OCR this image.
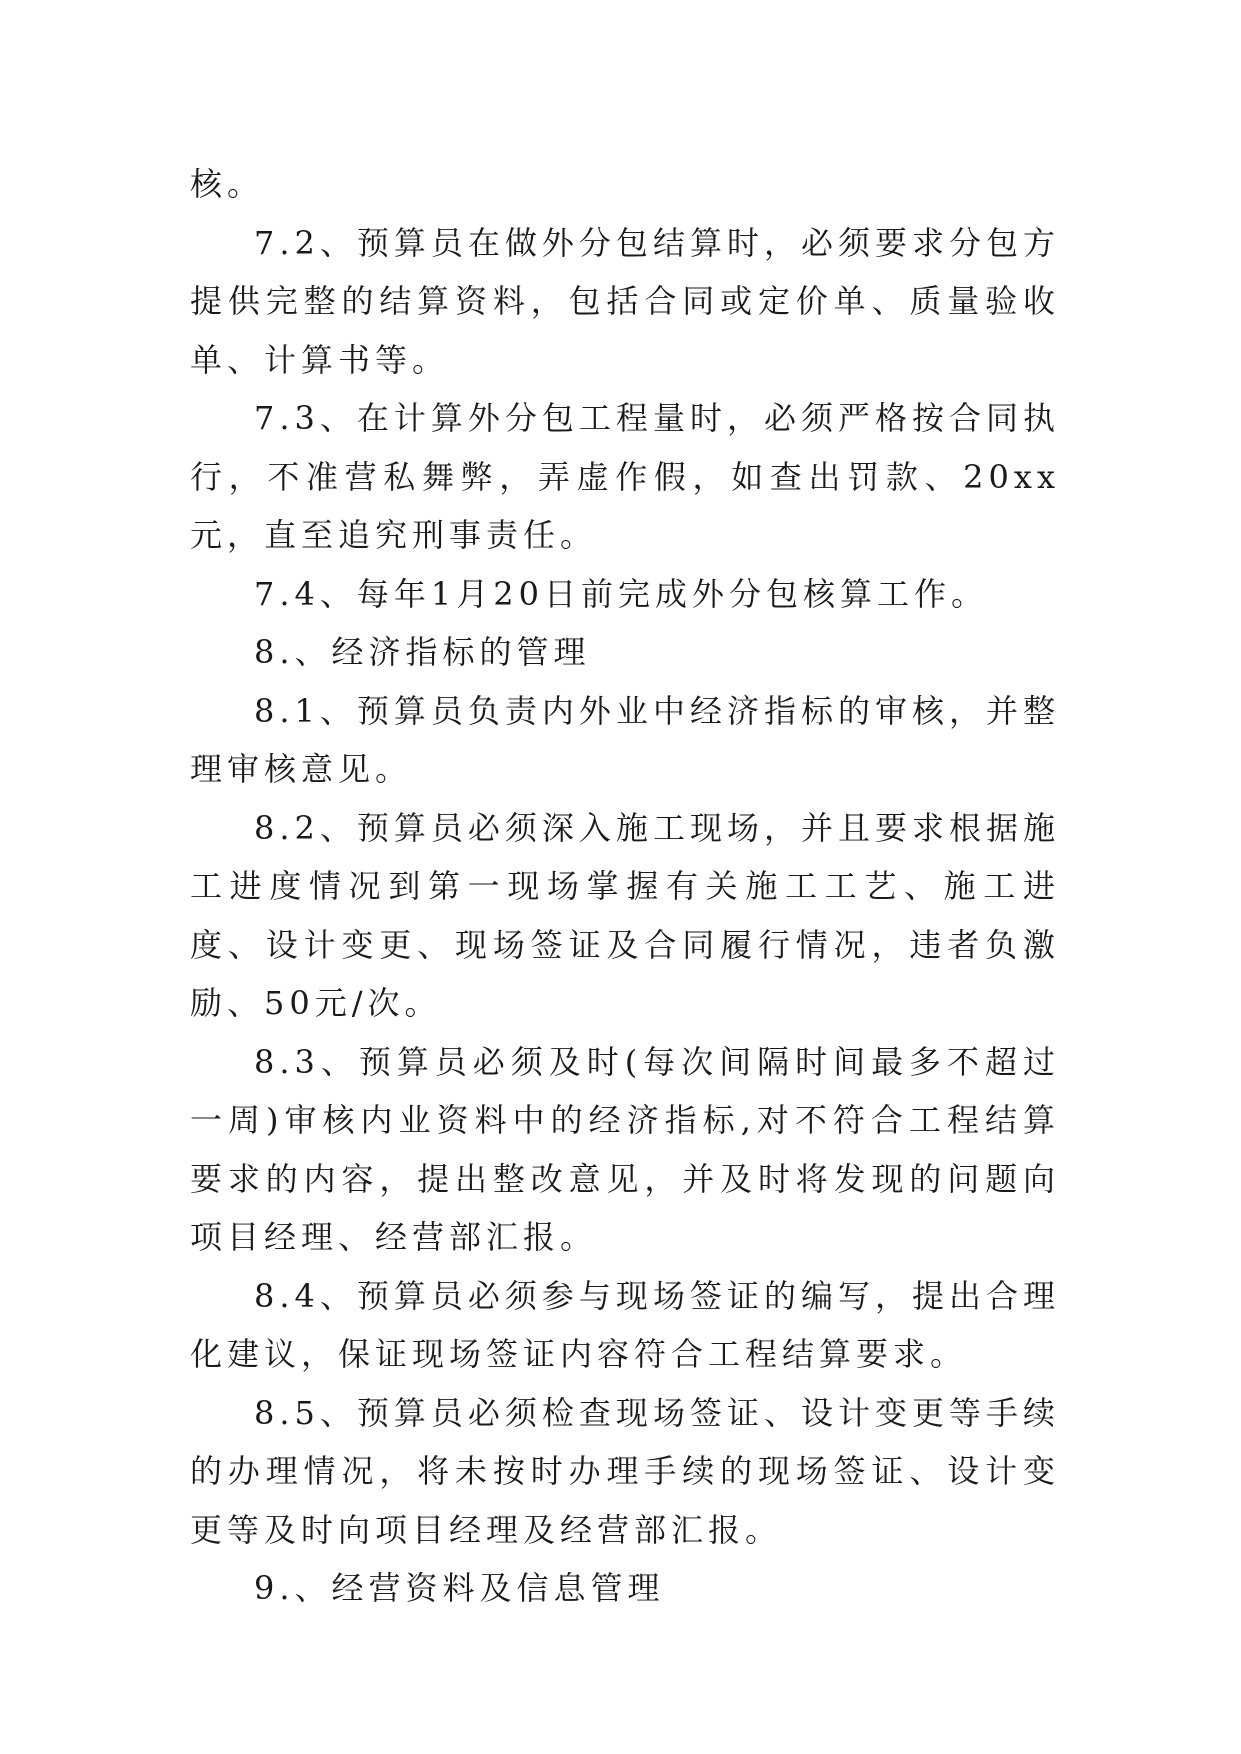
核。

7.2、预算员在做外分包结算时，必须要求分包方提供完整的结算资料，包括合同或定价单、质量验收单、计算书等。

7.3、在计算外分包工程量时，必须严格按合同执行，不准营私舞弊，弄虚作假，如查出罚款、20xx元，直至追究刑事责任。

7.4、每年1月20日前完成外分包核算工作。

8.、经济指标的管理

8.1、预算员负责内外业中经济指标的审核，并整理审核意见。

8.2、预算员必须深入施工现场，并且要求根据施工进度情况到第一现场掌握有关施工工艺、施工进度、设计变更、现场签证及合同履行情况，违者负激励、50元/次。

8.3、预算员必须及时(每次间隔时间最多不超过一周)审核内业资料中的经济指标,对不符合工程结算要求的内容，提出整改意见，并及时将发现的问题向项目经理、经营部汇报。

8.4、预算员必须参与现场签证的编写，提出合理化建议，保证现场签证内容符合工程结算要求。

8.5、预算员必须检查现场签证、设计变更等手续的办理情况，将未按时办理手续的现场签证、设计变更等及时向项目经理及经营部汇报。

9.、经营资料及信息管理
